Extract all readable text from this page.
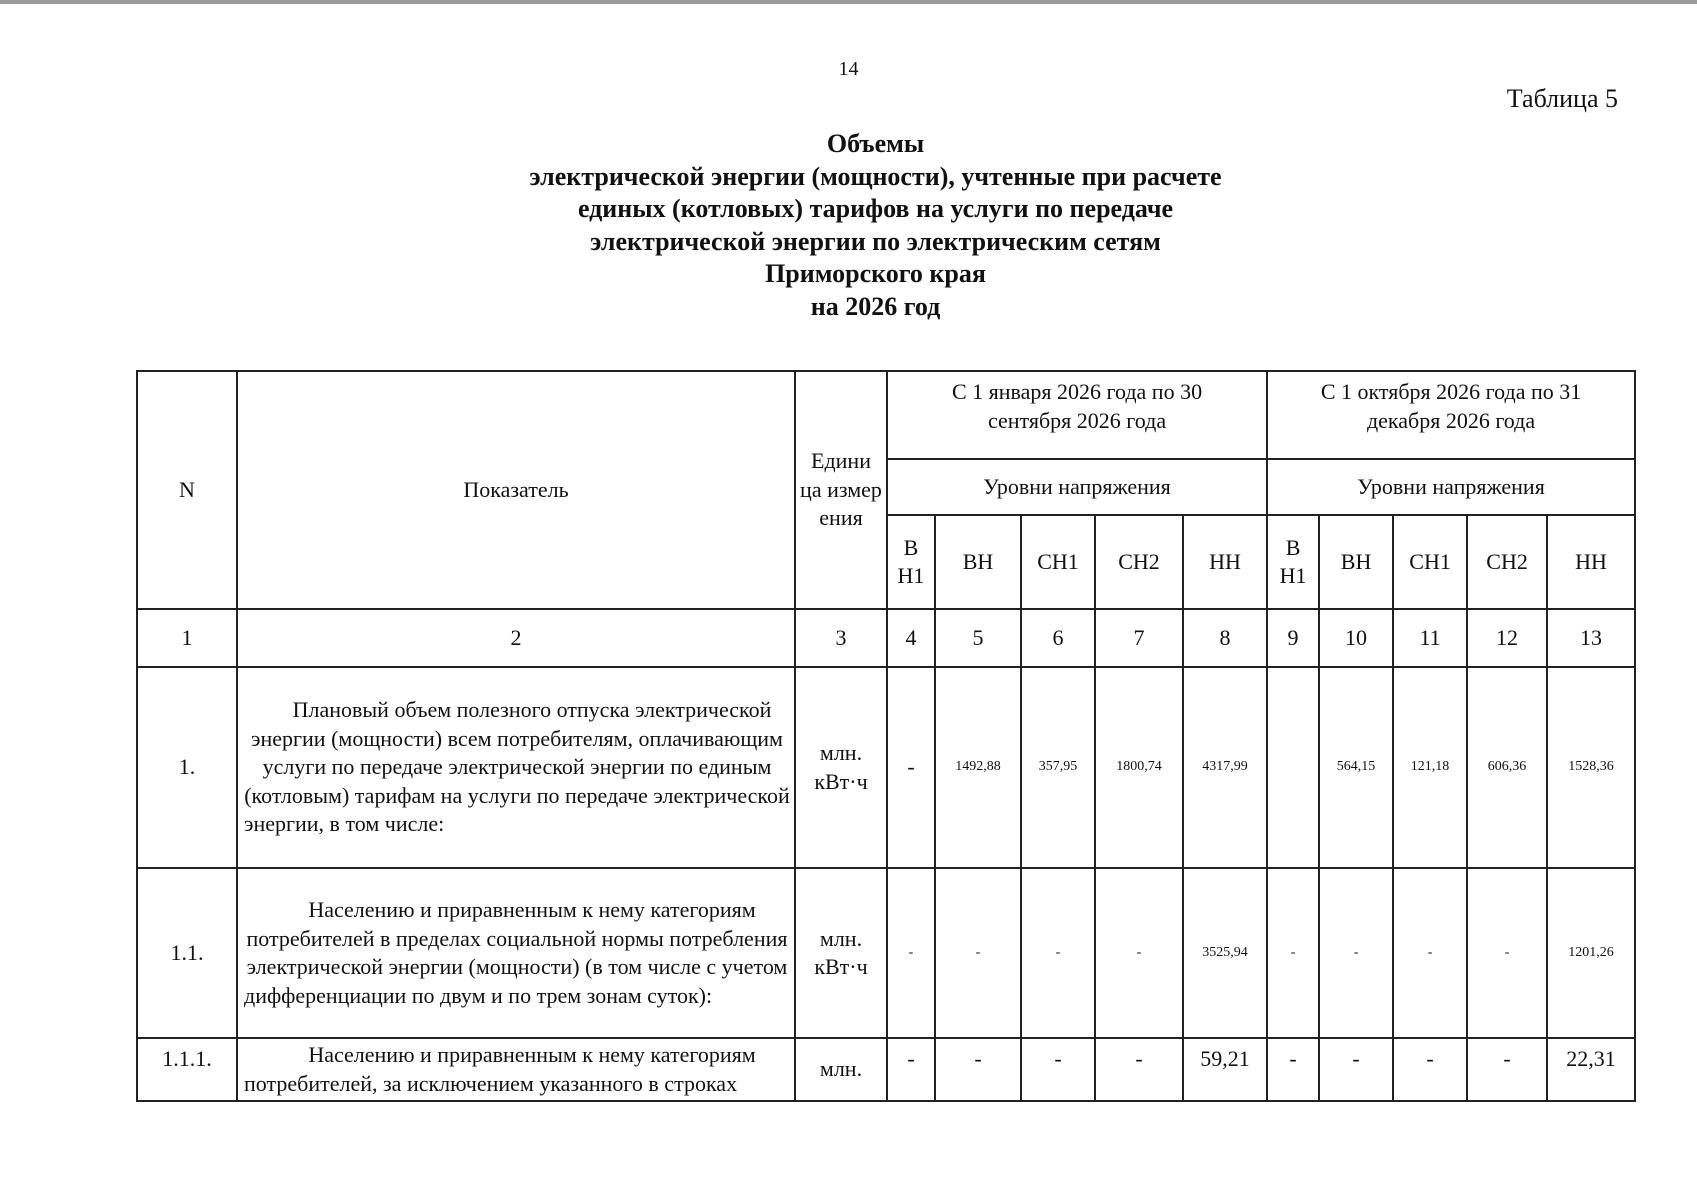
14
Таблица 5
Объемы
электрической энергии (мощности), учтенные при расчете
единых (котловых) тарифов на услуги по передаче
электрической энергии по электрическим сетям
Приморского края
на 2026 год
N	Показатель	Едини ца измер ения	С 1 января 2026 года по 30 сентября 2026 года					С 1 октября 2026 года по 31 декабря 2026 года				
			Уровни напряжения					Уровни напряжения				
			В Н1	ВН	СН1	СН2	НН	В Н1	ВН	СН1	СН2	НН
1	2	3	4	5	6	7	8	9	10	11	12	13
1.	Плановый объем полезного отпуска электрической энергии (мощности) всем потребителям, оплачивающим услуги по передаче электрической энергии по единым (котловым) тарифам на услуги по передаче электрической энергии, в том числе:	млн. кВт·ч	-	1492,88	357,95	1800,74	4317,99		564,15	121,18	606,36	1528,36
1.1.	Населению и приравненным к нему категориям потребителей в пределах социальной нормы потребления электрической энергии (мощности) (в том числе с учетом дифференциации по двум и по трем зонам суток):	млн. кВт·ч	-	-	-	-	3525,94	-	-	-	-	1201,26
1.1.1.	Населению и приравненным к нему категориям потребителей, за исключением указанного в строках	млн.	-	-	-	-	59,21	-	-	-	-	22,31
